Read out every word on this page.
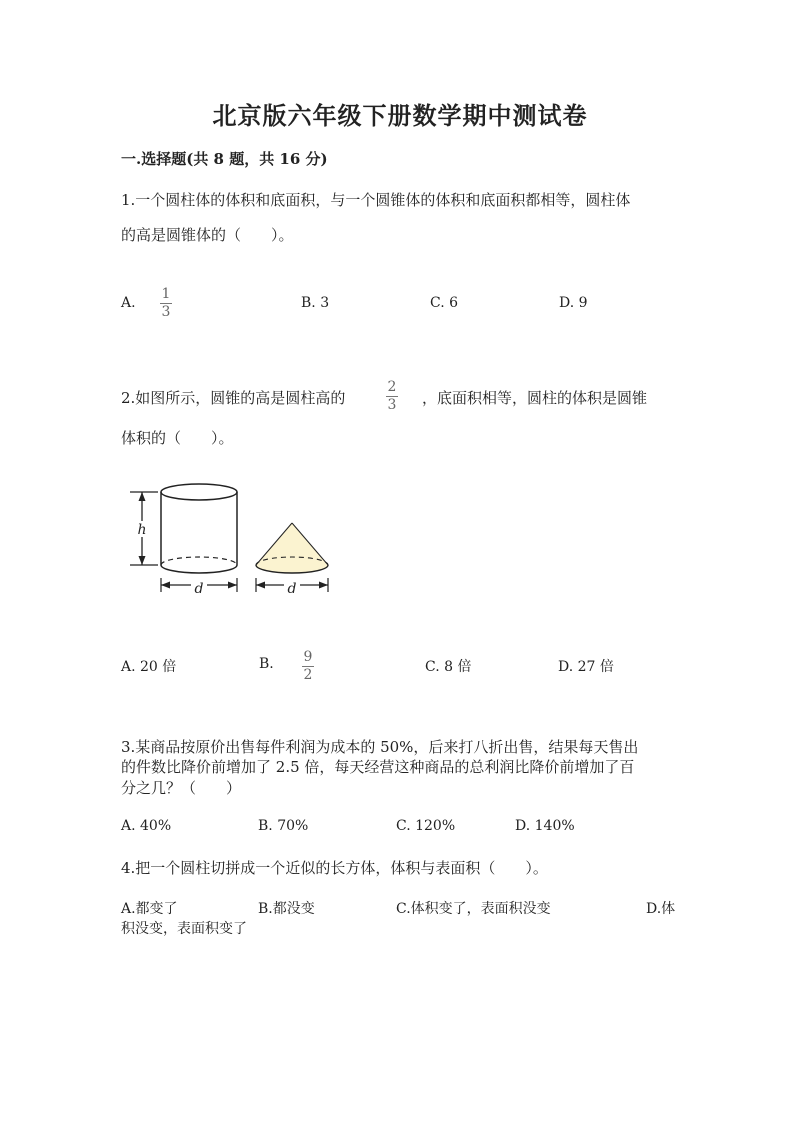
北京版六年级下册数学期中测试卷
一.选择题(共 8 题，共 16 分)
1.一个圆柱体的体积和底面积，与一个圆锥体的体积和底面积都相等，圆柱体
的高是圆锥体的（　　）。
A.
1
3
B. 3	C. 6	D. 9
2.如图所示，圆锥的高是圆柱高的
2
3 ，底面积相等，圆柱的体积是圆锥
体积的（　　）。
h
d	d
A. 20 倍	B. 9
2	C. 8 倍	D. 27 倍
3.某商品按原价出售每件利润为成本的 50%，后来打八折出售，结果每天售出
的件数比降价前增加了 2.5 倍，每天经营这种商品的总利润比降价前增加了百
分之几？（　　）
A. 40%	B. 70%	C. 120%	D. 140%
4.把一个圆柱切拼成一个近似的长方体，体积与表面积（　　）。
A.都变了	B.都没变	C.体积变了，表面积没变	D.体
积没变，表面积变了
